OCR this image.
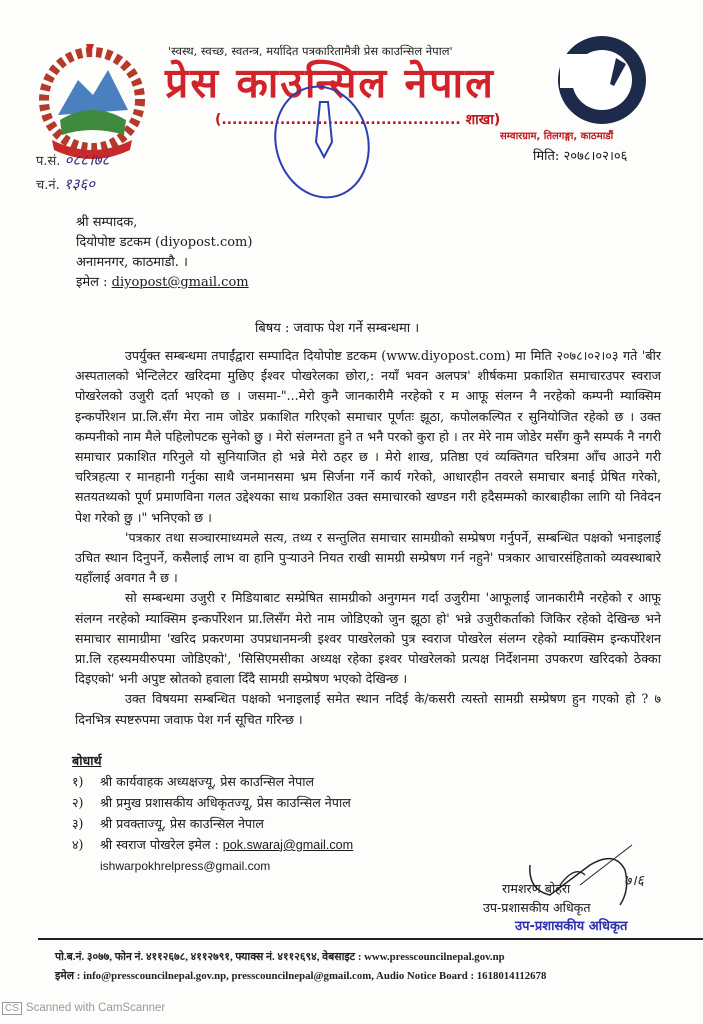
'स्वस्थ, स्वच्छ, स्वतन्त्र, मर्यादित पत्रकारितामैत्री प्रेस काउन्सिल नेपाल'
प्रेस काउन्सिल नेपाल
(............................................. शाखा)
सम्वारग्राम, तिलगङ्गा, काठमाडौं
मिति: २०७८।०२।०६
प.सं. ०८८।७८
च.नं. १३६०
श्री सम्पादक,
दियोपोष्ट डटकम (diyopost.com)
अनामनगर, काठमाडौ. ।
इमेल : diyopost@gmail.com
बिषय : जवाफ पेश गर्ने सम्बन्धमा ।

उपर्युक्त सम्बन्धमा तपाईंद्वारा सम्पादित दियोपोष्ट डटकम (www.diyopost.com) मा मिति २०७८।०२।०३ गते 'बीर अस्पतालको भेन्टिलेटर खरिदमा मुछिए ईश्वर पोखरेलका छोरा,: नयाँ भवन अलपत्र' शीर्षकमा प्रकाशित समाचारउपर स्वराज पोखरेलको उजुरी दर्ता भएको छ । जसमा-"...मेरो कुनै जानकारीमै नरहेको र म आफू संलग्न नै नरहेको कम्पनी म्याक्सिम इन्कर्पोरेशन प्रा.लि.सँग मेरा नाम जोडेर प्रकाशित गरिएको समाचार पूर्णतः झूठा, कपोलकल्पित र सुनियोजित रहेको छ । उक्त कम्पनीको नाम मैले पहिलोपटक सुनेको छु । मेरो संलग्नता हुने त भनै परको कुरा हो । तर मेरे नाम जोडेर मसँग कुनै सम्पर्क नै नगरी समाचार प्रकाशित गरिनुले यो सुनियाजित हो भन्ने मेरो ठहर छ । मेरो शाख, प्रतिष्ठा एवं व्यक्तिगत चरित्रमा आँच आउने गरी चरित्रहत्या र मानहानी गर्नुका साथै जनमानसमा भ्रम सिर्जना गर्ने कार्य गरेको, आधारहीन तवरले समाचार बनाई प्रेषित गरेको, सतयतथ्यको पूर्ण प्रमाणविना गलत उद्देश्यका साथ प्रकाशित उक्त समाचारको खण्डन गरी हदैसम्मको कारबाहीका लागि यो निवेदन पेश गरेको छु ।" भनिएको छ ।

'पत्रकार तथा सञ्चारमाध्यमले सत्य, तथ्य र सन्तुलित समाचार सामग्रीको सम्प्रेषण गर्नुपर्ने, सम्बन्धित पक्षको भनाइलाई उचित स्थान दिनुपर्ने, कसैलाई लाभ वा हानि पुऱ्याउने नियत राखी सामग्री सम्प्रेषण गर्न नहुने' पत्रकार आचारसंहिताको व्यवस्थाबारे यहाँलाई अवगत नै छ ।

सो सम्बन्धमा उजुरी र मिडियाबाट सम्प्रेषित सामग्रीको अनुगमन गर्दा उजुरीमा 'आफूलाई जानकारीमै नरहेको र आफू संलग्न नरहेको म्याक्सिम इन्कर्पोरेशन प्रा.लिसँग मेरो नाम जोडिएको जुन झूठा हो' भन्ने उजुरीकर्ताको जिकिर रहेको देखिन्छ भने समाचार सामाग्रीमा 'खरिद प्रकरणमा उपप्रधानमन्त्री इश्वर पाखरेलको पुत्र स्वराज पोखरेल संलग्न रहेको म्याक्सिम इन्कर्पोरेशन प्रा.लि रहस्यमयीरुपमा जोडिएको', 'सिसिएमसीका अध्यक्ष रहेका इश्वर पोखरेलको प्रत्यक्ष निर्देशनमा उपकरण खरिदको ठेक्का दिइएको' भनी अपुष्ट स्रोतको हवाला दिँदै सामग्री सम्प्रेषण भएको देखिन्छ ।

उक्त विषयमा सम्बन्धित पक्षको भनाइलाई समेत स्थान नदिई के/कसरी त्यस्तो सामग्री सम्प्रेषण हुन गएको हो ? ७ दिनभित्र स्पष्टरुपमा जवाफ पेश गर्न सूचित गरिन्छ ।

बोधार्थ
१) श्री कार्यवाहक अध्यक्षज्यू, प्रेस काउन्सिल नेपाल
२) श्री प्रमुख प्रशासकीय अधिकृतज्यू, प्रेस काउन्सिल नेपाल
३) श्री प्रवक्ताज्यू, प्रेस काउन्सिल नेपाल
४) श्री स्वराज पोखरेल इमेल : pok.swaraj@gmail.com
ishwarpokhrelpress@gmail.com
७।६
रामशरण बोहरा
उप-प्रशासकीय अधिकृत
उप-प्रशासकीय अधिकृत
पो.ब.नं. ३०७७, फोन नं. ४११२६७८, ४११२७९१, फ्याक्स नं. ४११२६९४, वेबसाइट : www.presscouncilnepal.gov.np
इमेल : info@presscouncilnepal.gov.np, presscouncilnepal@gmail.com, Audio Notice Board : 1618014112678
CS Scanned with CamScanner
